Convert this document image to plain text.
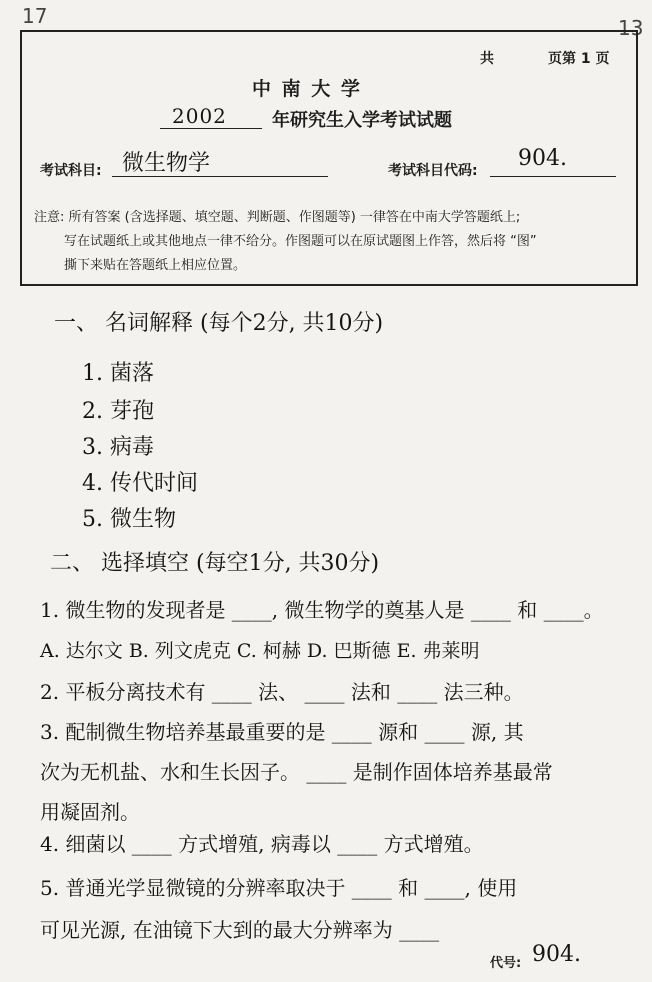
17	13
共	页第 1 页
中 南 大 学
2002	年研究生入学考试试题
考试科目: 微生物学	考试科目代码: 904.
注意: 所有答案 (含选择题、填空题、判断题、作图题等) 一律答在中南大学答题纸上;
写在试题纸上或其他地点一律不给分。作图题可以在原试题图上作答，然后将 “图”
撕下来贴在答题纸上相应位置。
一、 名词解释 (每个2分, 共10分)
1. 菌落
2. 芽孢
3. 病毒
4. 传代时间
5. 微生物
二、 选择填空 (每空1分, 共30分)
1. 微生物的发现者是 ____, 微生物学的奠基人是 ____ 和 ____。
A. 达尔文 B. 列文虎克 C. 柯赫 D. 巴斯德 E. 弗莱明
2. 平板分离技术有 ____ 法、 ____ 法和 ____ 法三种。
3. 配制微生物培养基最重要的是 ____ 源和 ____ 源, 其
次为无机盐、水和生长因子。 ____ 是制作固体培养基最常
用凝固剂。
4. 细菌以 ____ 方式增殖, 病毒以 ____ 方式增殖。
5. 普通光学显微镜的分辨率取决于 ____ 和 ____, 使用
可见光源, 在油镜下大到的最大分辨率为 ____
代号: 904.
